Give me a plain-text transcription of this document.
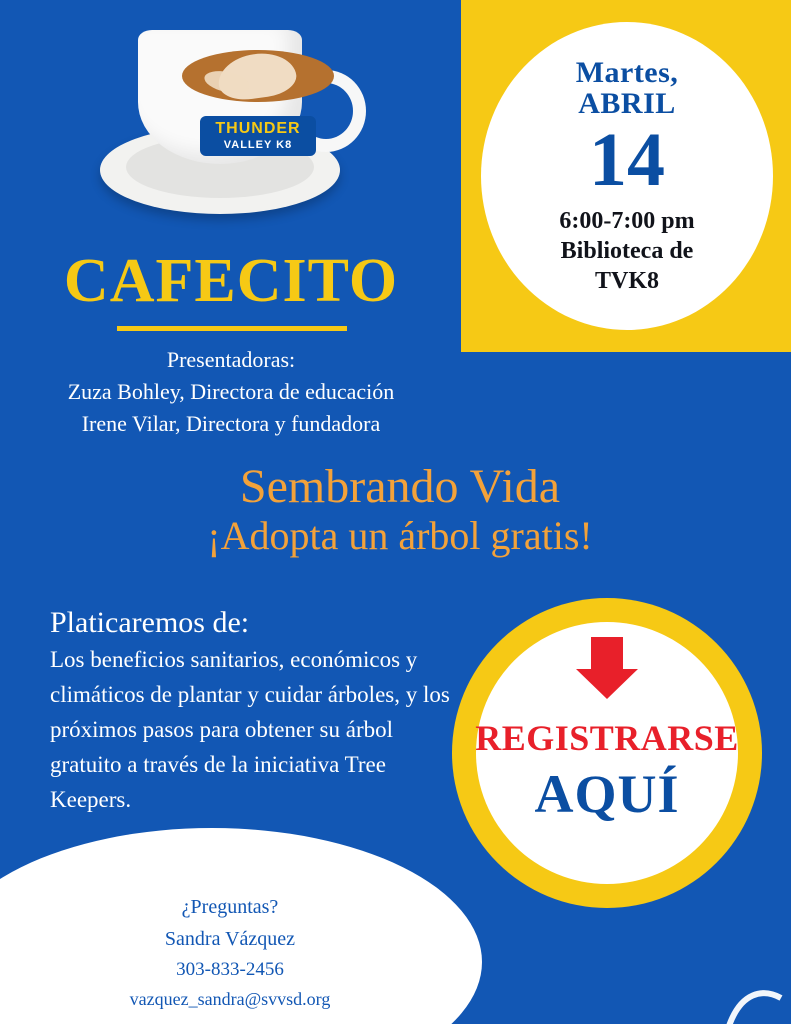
Martes,
ABRIL
14
6:00-7:00 pm
Biblioteca de
TVK8
THUNDER
VALLEY K8
CAFECITO
Presentadoras:
Zuza Bohley, Directora de educación
Irene Vilar, Directora y fundadora
Sembrando Vida
¡Adopta un árbol gratis!
Platicaremos de:
Los beneficios sanitarios, económicos y climáticos de plantar y cuidar árboles, y los próximos pasos para obtener su árbol gratuito a través de la iniciativa Tree Keepers.
REGISTRARSE
AQUÍ
¿Preguntas?
Sandra Vázquez
303-833-2456
vazquez_sandra@svvsd.org
